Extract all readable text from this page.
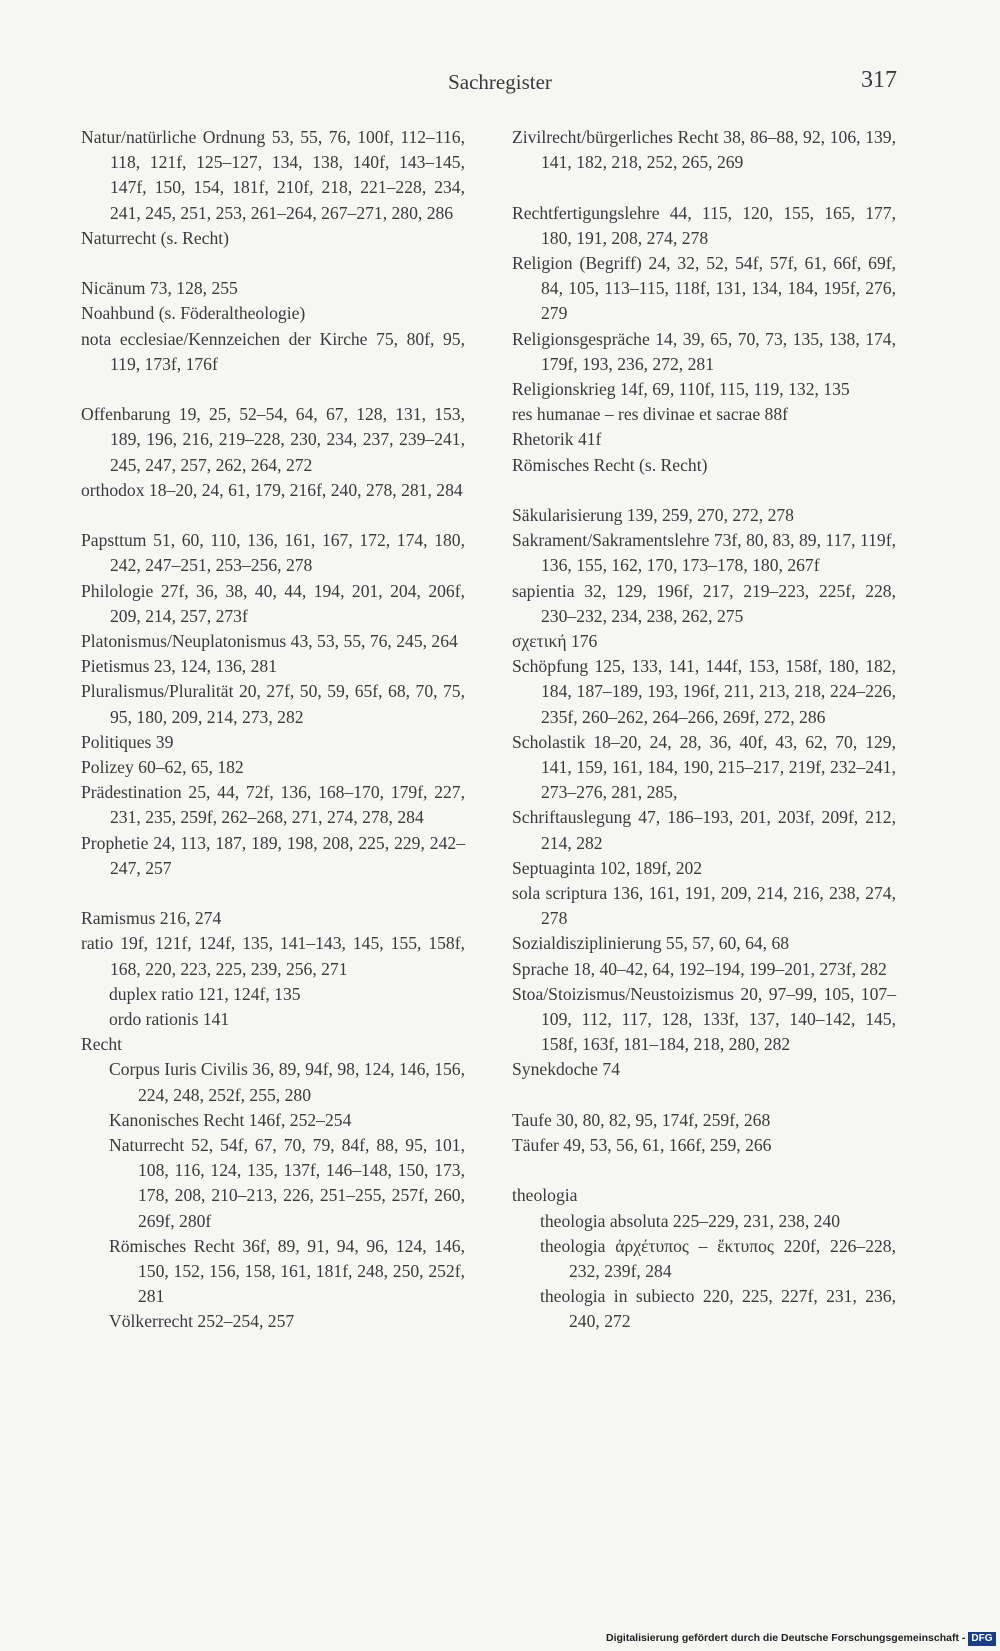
Sachregister	317
Natur/natürliche Ordnung 53, 55, 76, 100f, 112–116, 118, 121f, 125–127, 134, 138, 140f, 143–145, 147f, 150, 154, 181f, 210f, 218, 221–228, 234, 241, 245, 251, 253, 261–264, 267–271, 280, 286
Naturrecht (s. Recht)
Nicänum 73, 128, 255
Noahbund (s. Föderaltheologie)
nota ecclesiae/Kennzeichen der Kirche 75, 80f, 95, 119, 173f, 176f
Offenbarung 19, 25, 52–54, 64, 67, 128, 131, 153, 189, 196, 216, 219–228, 230, 234, 237, 239–241, 245, 247, 257, 262, 264, 272
orthodox 18–20, 24, 61, 179, 216f, 240, 278, 281, 284
Papsttum 51, 60, 110, 136, 161, 167, 172, 174, 180, 242, 247–251, 253–256, 278
Philologie 27f, 36, 38, 40, 44, 194, 201, 204, 206f, 209, 214, 257, 273f
Platonismus/Neuplatonismus 43, 53, 55, 76, 245, 264
Pietismus 23, 124, 136, 281
Pluralismus/Pluralität 20, 27f, 50, 59, 65f, 68, 70, 75, 95, 180, 209, 214, 273, 282
Politiques 39
Polizey 60–62, 65, 182
Prädestination 25, 44, 72f, 136, 168–170, 179f, 227, 231, 235, 259f, 262–268, 271, 274, 278, 284
Prophetie 24, 113, 187, 189, 198, 208, 225, 229, 242–247, 257
Ramismus 216, 274
ratio 19f, 121f, 124f, 135, 141–143, 145, 155, 158f, 168, 220, 223, 225, 239, 256, 271
duplex ratio 121, 124f, 135
ordo rationis 141
Recht
Corpus Iuris Civilis 36, 89, 94f, 98, 124, 146, 156, 224, 248, 252f, 255, 280
Kanonisches Recht 146f, 252–254
Naturrecht 52, 54f, 67, 70, 79, 84f, 88, 95, 101, 108, 116, 124, 135, 137f, 146–148, 150, 173, 178, 208, 210–213, 226, 251–255, 257f, 260, 269f, 280f
Römisches Recht 36f, 89, 91, 94, 96, 124, 146, 150, 152, 156, 158, 161, 181f, 248, 250, 252f, 281
Völkerrecht 252–254, 257
Zivilrecht/bürgerliches Recht 38, 86–88, 92, 106, 139, 141, 182, 218, 252, 265, 269
Rechtfertigungslehre 44, 115, 120, 155, 165, 177, 180, 191, 208, 274, 278
Religion (Begriff) 24, 32, 52, 54f, 57f, 61, 66f, 69f, 84, 105, 113–115, 118f, 131, 134, 184, 195f, 276, 279
Religionsgespräche 14, 39, 65, 70, 73, 135, 138, 174, 179f, 193, 236, 272, 281
Religionskrieg 14f, 69, 110f, 115, 119, 132, 135
res humanae – res divinae et sacrae 88f
Rhetorik 41f
Römisches Recht (s. Recht)
Säkularisierung 139, 259, 270, 272, 278
Sakrament/Sakramentslehre 73f, 80, 83, 89, 117, 119f, 136, 155, 162, 170, 173–178, 180, 267f
sapientia 32, 129, 196f, 217, 219–223, 225f, 228, 230–232, 234, 238, 262, 275
σχετική 176
Schöpfung 125, 133, 141, 144f, 153, 158f, 180, 182, 184, 187–189, 193, 196f, 211, 213, 218, 224–226, 235f, 260–262, 264–266, 269f, 272, 286
Scholastik 18–20, 24, 28, 36, 40f, 43, 62, 70, 129, 141, 159, 161, 184, 190, 215–217, 219f, 232–241, 273–276, 281, 285,
Schriftauslegung 47, 186–193, 201, 203f, 209f, 212, 214, 282
Septuaginta 102, 189f, 202
sola scriptura 136, 161, 191, 209, 214, 216, 238, 274, 278
Sozialdisziplinierung 55, 57, 60, 64, 68
Sprache 18, 40–42, 64, 192–194, 199–201, 273f, 282
Stoa/Stoizismus/Neustoizismus 20, 97–99, 105, 107–109, 112, 117, 128, 133f, 137, 140–142, 145, 158f, 163f, 181–184, 218, 280, 282
Synekdoche 74
Taufe 30, 80, 82, 95, 174f, 259f, 268
Täufer 49, 53, 56, 61, 166f, 259, 266
theologia
theologia absoluta 225–229, 231, 238, 240
theologia ἀρχέτυπος – ἔκτυπος 220f, 226–228, 232, 239f, 284
theologia in subiecto 220, 225, 227f, 231, 236, 240, 272
Digitalisierung gefördert durch die Deutsche Forschungsgemeinschaft - DFG
